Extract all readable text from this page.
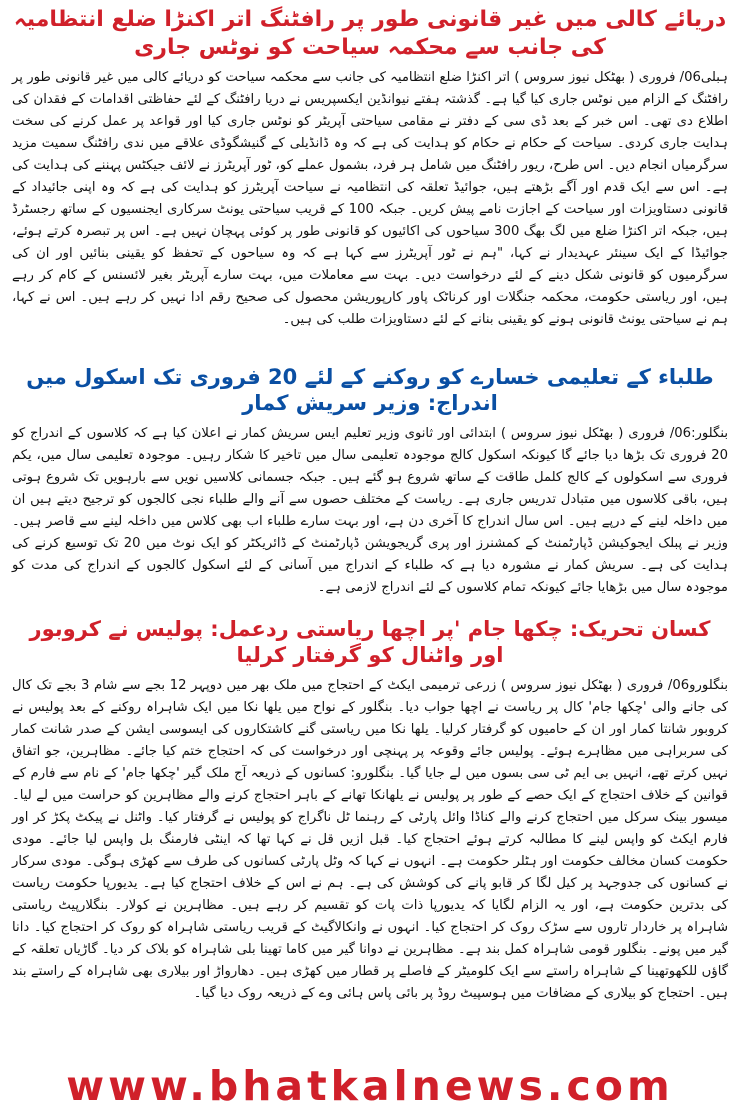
دریائے کالی میں غیر قانونی طور پر رافٹنگ اتر اکنڑا ضلع انتظامیہ کی جانب سے محکمہ سیاحت کو نوٹس جاری

ہبلی06/ فروری ( بھٹکل نیوز سروس ) اتر اکنڑا ضلع انتظامیہ کی جانب سے محکمہ سیاحت کو دریائے کالی میں غیر قانونی طور پر رافٹنگ کے الزام میں نوٹس جاری کیا گیا ہے۔ گذشتہ ہفتے نیوانڈین ایکسپریس نے دریا رافٹنگ کے لئے حفاظتی اقدامات کے فقدان کی اطلاع دی تھی۔ اس خبر کے بعد ڈی سی کے دفتر نے مقامی سیاحتی آپریٹر کو نوٹس جاری کیا اور قواعد پر عمل کرنے کی سخت ہدایت جاری کردی۔ سیاحت کے حکام نے حکام کو ہدایت کی ہے کہ وہ ڈانڈیلی کے گنیشگوڈی علاقے میں ندی رافٹنگ سمیت مزید سرگرمیاں انجام دیں۔ اس طرح، ریور رافٹنگ میں شامل ہر فرد، بشمول عملے کو، ٹور آپریٹرز نے لائف جیکٹس پہننے کی ہدایت کی ہے۔ اس سے ایک قدم اور آگے بڑھتے ہیں، جوائیڈ تعلقہ کی انتظامیہ نے سیاحت آپریٹرز کو ہدایت کی ہے کہ وہ اپنی جائیداد کے قانونی دستاویزات اور سیاحت کے اجازت نامے پیش کریں۔ جبکہ 100 کے قریب سیاحتی یونٹ سرکاری ایجنسیوں کے ساتھ رجسٹرڈ ہیں، جبکہ اتر اکنڑا ضلع میں لگ بھگ 300 سیاحوں کی اکائیوں کو قانونی طور پر کوئی پہچان نہیں ہے۔ اس پر تبصرہ کرتے ہوئے، جوائیڈا کے ایک سینئر عہدیدار نے کہا، "ہم نے ٹور آپریٹرز سے کہا ہے کہ وہ سیاحوں کے تحفظ کو یقینی بنائیں اور ان کی سرگرمیوں کو قانونی شکل دینے کے لئے درخواست دیں۔ بہت سے معاملات میں، بہت سارے آپریٹر بغیر لائسنس کے کام کر رہے ہیں، اور ریاستی حکومت، محکمہ جنگلات اور کرناٹک پاور کارپوریشن محصول کی صحیح رقم ادا نہیں کر رہے ہیں۔ اس نے کہا، ہم نے سیاحتی یونٹ قانونی ہونے کو یقینی بنانے کے لئے دستاویزات طلب کی ہیں۔

طلباء کے تعلیمی خسارے کو روکنے کے لئے 20 فروری تک اسکول میں اندراج: وزیر سریش کمار

بنگلور:06/ فروری ( بھٹکل نیوز سروس ) ابتدائی اور ثانوی وزیر تعلیم ایس سریش کمار نے اعلان کیا ہے کہ کلاسوں کے اندراج کو 20 فروری تک بڑھا دیا جائے گا کیونکہ اسکول کالج موجودہ تعلیمی سال میں تاخیر کا شکار رہیں۔ موجودہ تعلیمی سال میں، یکم فروری سے اسکولوں کے کالج کلمل طاقت کے ساتھ شروع ہو گئے ہیں۔ جبکہ جسمانی کلاسیں نویں سے بارہویں تک شروع ہوتی ہیں، باقی کلاسوں میں متبادل تدریس جاری ہے۔ ریاست کے مختلف حصوں سے آنے والے طلباء نجی کالجوں کو ترجیح دیتے ہیں ان میں داخلہ لینے کے درپے ہیں۔ اس سال اندراج کا آخری دن ہے، اور بہت سارے طلباء اب بھی کلاس میں داخلہ لینے سے قاصر ہیں۔ وزیر نے پبلک ایجوکیشن ڈپارٹمنٹ کے کمشنرز اور پری گریجویشن ڈپارٹمنٹ کے ڈائریکٹر کو ایک نوٹ میں 20 تک توسیع کرنے کی ہدایت کی ہے۔ سریش کمار نے مشورہ دیا ہے کہ طلباء کے اندراج میں آسانی کے لئے اسکول کالجوں کے اندراج کی مدت کو موجودہ سال میں بڑھایا جائے کیونکہ تمام کلاسوں کے لئے اندراج لازمی ہے۔

کسان تحریک: چکھا جام 'پر اچھا ریاستی ردعمل: پولیس نے کروبور اور واٹنال کو گرفتار کرلیا

بنگلورو06/ فروری ( بھٹکل نیوز سروس ) زرعی ترمیمی ایکٹ کے احتجاج میں ملک بھر میں دوپہر 12 بجے سے شام 3 بجے تک کال کی جانے والی 'چکھا جام' کال پر ریاست نے اچھا جواب دیا۔ بنگلور کے نواح میں یلھا نکا میں ایک شاہراہ روکنے کے بعد پولیس نے کروبور شانتا کمار اور ان کے حامیوں کو گرفتار کرلیا۔ یلھا نکا میں ریاستی گنے کاشتکاروں کی ایسوسی ایشن کے صدر شانت کمار کی سربراہی میں مظاہرے ہوئے۔ پولیس جائے وقوعہ پر پہنچی اور درخواست کی کہ احتجاج ختم کیا جائے۔ مظاہرین، جو اتفاق نہیں کرتے تھے، انہیں بی ایم ٹی سی بسوں میں لے جایا گیا۔ بنگلورو: کسانوں کے ذریعہ آج ملک گیر 'چکھا جام' کے نام سے فارم کے قوانین کے خلاف احتجاج کے ایک حصے کے طور پر پولیس نے یلھانکا تھانے کے باہر احتجاج کرنے والے مظاہرین کو حراست میں لے لیا۔ میسور بینک سرکل میں احتجاج کرنے والے کناڈا وائل پارٹی کے رہنما ٹل ناگراج کو پولیس نے گرفتار کیا۔ واٹنل نے پیکٹ پکڑ کر اور فارم ایکٹ کو واپس لینے کا مطالبہ کرتے ہوئے احتجاج کیا۔ قبل ازیں قل نے کہا تھا کہ اینٹی فارمنگ بل واپس لیا جائے۔ مودی حکومت کسان مخالف حکومت اور ہٹلر حکومت ہے۔ انہوں نے کہا کہ وٹل پارٹی کسانوں کی طرف سے کھڑی ہوگی۔ مودی سرکار نے کسانوں کی جدوجہد پر کیل لگا کر قابو پانے کی کوشش کی ہے۔ ہم نے اس کے خلاف احتجاج کیا ہے۔ یدیورپا حکومت ریاست کی بدترین حکومت ہے، اور یہ الزام لگایا کہ یدیورپا ذات پات کو تقسیم کر رہے ہیں۔ مظاہرین نے کولار۔ بنگلارپیٹ ریاستی شاہراہ پر خاردار تاروں سے سڑک روک کر احتجاج کیا۔ انہوں نے وانکالاگیٹ کے قریب ریاستی شاہراہ کو روک کر احتجاج کیا۔ دانا گیر میں پونے۔ بنگلور قومی شاہراہ کمل بند ہے۔ مظاہرین نے دوانا گیر میں کاما تھینا بلی شاہراہ کو بلاک کر دیا۔ گاڑیاں تعلقہ کے گاؤں للکھوتھینا کے شاہراہ راستے سے ایک کلومیٹر کے فاصلے پر قطار میں کھڑی ہیں۔ دھارواڑ اور بیلاری بھی شاہراہ کے راستے بند ہیں۔ احتجاج کو بیلاری کے مضافات میں ہوسپیٹ روڈ پر بائی پاس ہائی وے کے ذریعہ روک دیا گیا۔

www.bhatkalnews.com
